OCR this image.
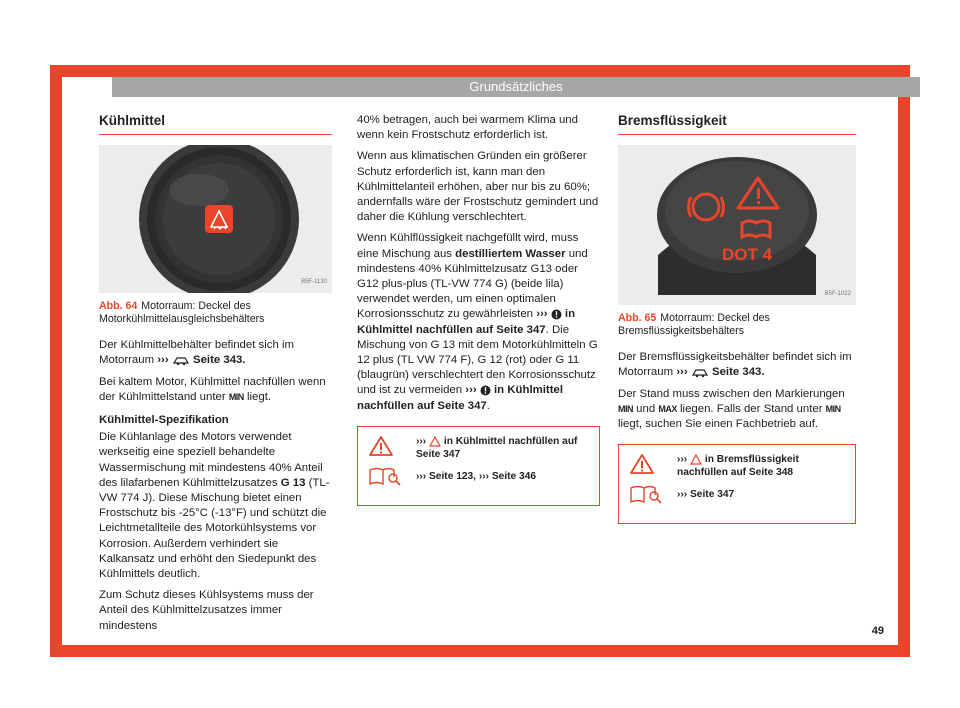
Grundsätzliches
Kühlmittel
B5F-1130
Abb. 64 Motorraum: Deckel des Motorkühlmittelausgleichsbehälters

Der Kühlmittelbehälter befindet sich im Motorraum ››› Seite 343.

Bei kaltem Motor, Kühlmittel nachfüllen wenn der Kühlmittelstand unter MIN liegt.

Kühlmittel-Spezifikation

Die Kühlanlage des Motors verwendet werkseitig eine speziell behandelte Wassermischung mit mindestens 40% Anteil des lilafarbenen Kühlmittelzusatzes G 13 (TL-VW 774 J). Diese Mischung bietet einen Frostschutz bis -25°C (-13°F) und schützt die Leichtmetallteile des Motorkühlsystems vor Korrosion. Außerdem verhindert sie Kalkansatz und erhöht den Siedepunkt des Kühlmittels deutlich.

Zum Schutz dieses Kühlsystems muss der Anteil des Kühlmittelzusatzes immer mindestens

40% betragen, auch bei warmem Klima und wenn kein Frostschutz erforderlich ist.

Wenn aus klimatischen Gründen ein größerer Schutz erforderlich ist, kann man den Kühlmittelanteil erhöhen, aber nur bis zu 60%; andernfalls wäre der Frostschutz gemindert und daher die Kühlung verschlechtert.

Wenn Kühlflüssigkeit nachgefüllt wird, muss eine Mischung aus destilliertem Wasser und mindestens 40% Kühlmittelzusatz G13 oder G12 plus-plus (TL-VW 774 G) (beide lila) verwendet werden, um einen optimalen Korrosionsschutz zu gewährleisten ››› in Kühlmittel nachfüllen auf Seite 347. Die Mischung von G 13 mit dem Motorkühlmitteln G 12 plus (TL VW 774 F), G 12 (rot) oder G 11 (blaugrün) verschlechtert den Korrosionsschutz und ist zu vermeiden ››› in Kühlmittel nachfüllen auf Seite 347.

››› in Kühlmittel nachfüllen auf Seite 347
››› Seite 123, ››› Seite 346
Bremsflüssigkeit
DOT 4
B5F-1022
Abb. 65 Motorraum: Deckel des Bremsflüssigkeitsbehälters

Der Bremsflüssigkeitsbehälter befindet sich im Motorraum ››› Seite 343.

Der Stand muss zwischen den Markierungen MIN und MAX liegen. Falls der Stand unter MIN liegt, suchen Sie einen Fachbetrieb auf.

››› in Bremsflüssigkeit nachfüllen auf Seite 348
››› Seite 347
49
